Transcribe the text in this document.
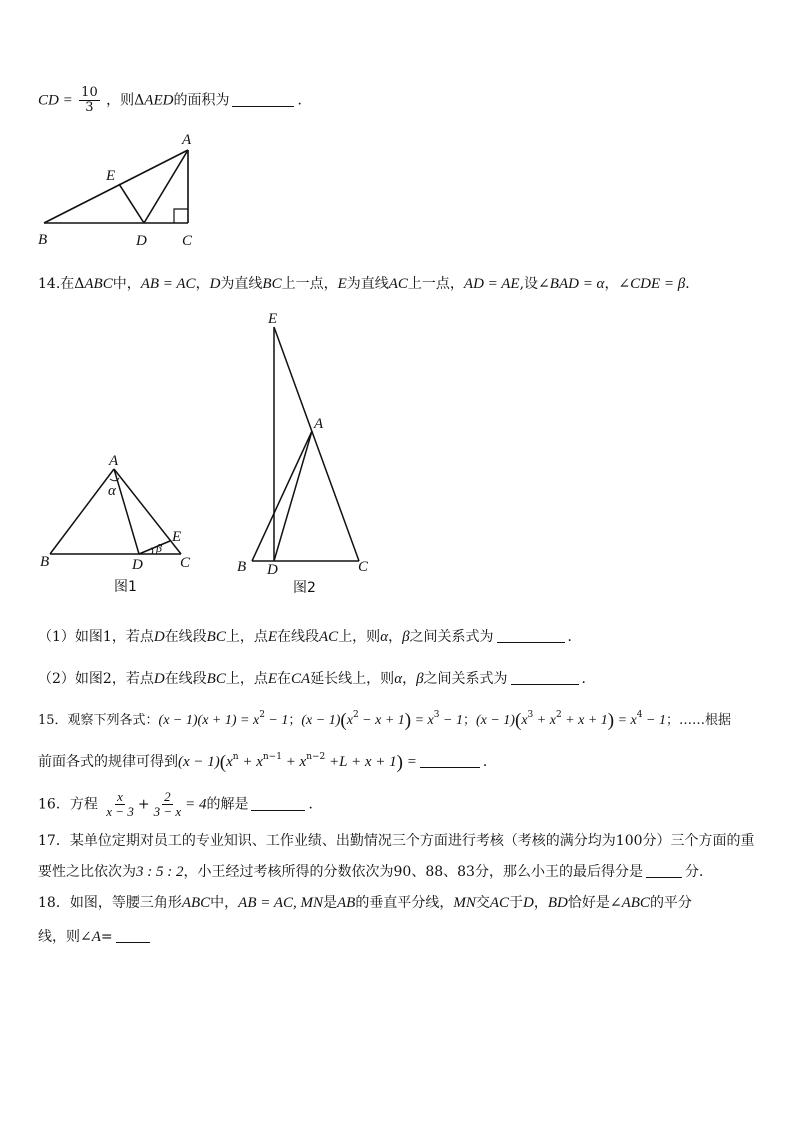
CD = $\frac{10}{3}$ ，则ΔAED的面积为	．
A
E
B	D C
14.在ΔABC中，AB = AC，D为直线BC上一点，E为直线AC上一点，AD = AE,设∠BAD = α，∠CDE = β．
A
α
E
β
B	D C
图1
E
A
B D	C
图2
（1）如图1，若点D在线段BC上，点E在线段AC上，则α，β之间关系式为	．
（2）如图2，若点D在线段BC上，点E在CA延长线上，则α，β之间关系式为	．
15．观察下列各式：$(x - 1)(x + 1) = x^2 - 1$；$(x - 1)(x^2 - x + 1) = x^3 - 1$；$(x - 1)(x^3 + x^2 + x + 1) = x^4 - 1$；……根据
前面各式的规律可得到$(x - 1)(x^n + x^{n-1} + x^{n-2} +L + x + 1)$ =	．
16．方程 $\frac{x}{x - 3} + \frac{2}{3 - x} = 4$的解是	．
17．某单位定期对员工的专业知识、工作业绩、出勤情况三个方面进行考核（考核的满分均为100分）三个方面的重
要性之比依次为3 : 5 : 2，小王经过考核所得的分数依次为90、88、83分，那么小王的最后得分是	分．
18．如图，等腰三角形ABC中，AB = AC, MN是AB的垂直平分线，MN交AC于D，BD恰好是∠ABC的平分
线，则∠A=
